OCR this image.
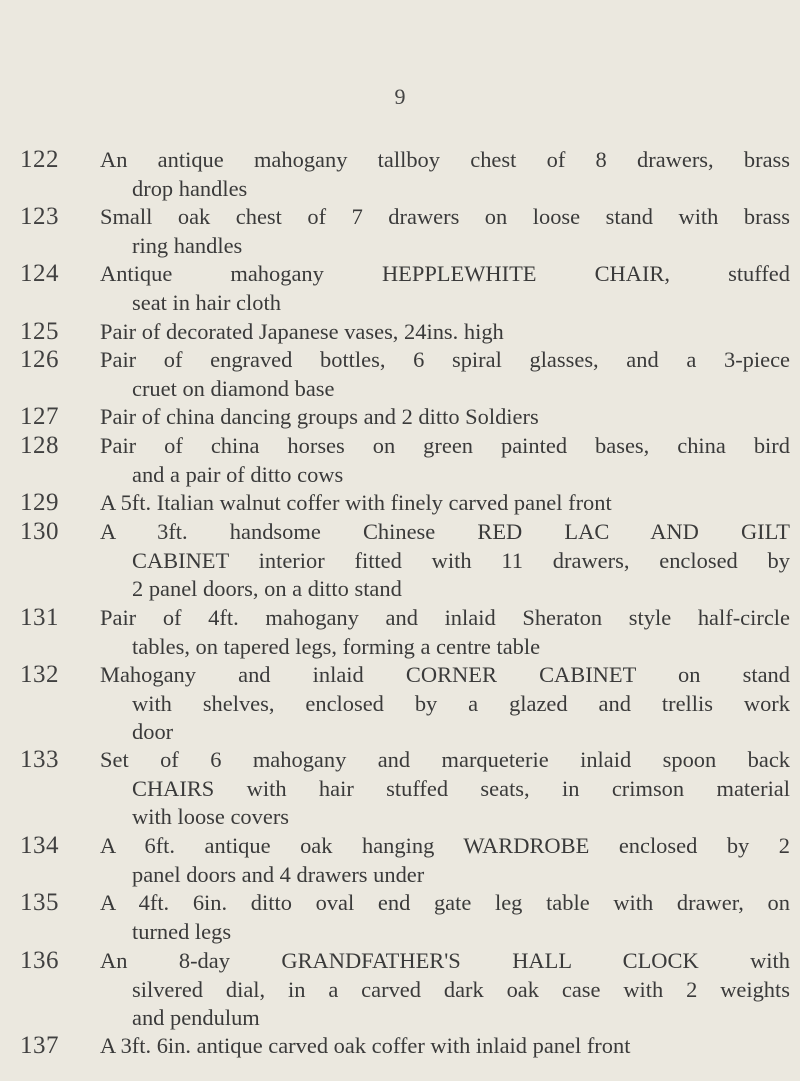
9
122	An antique mahogany tallboy chest of 8 drawers, brass
drop handles
123	Small oak chest of 7 drawers on loose stand with brass
ring handles
124	Antique mahogany HEPPLEWHITE CHAIR, stuffed
seat in hair cloth
125	Pair of decorated Japanese vases, 24ins. high
126	Pair of engraved bottles, 6 spiral glasses, and a 3-piece
cruet on diamond base
127	Pair of china dancing groups and 2 ditto Soldiers
128	Pair of china horses on green painted bases, china bird
and a pair of ditto cows
129	A 5ft. Italian walnut coffer with finely carved panel front
130	A 3ft. handsome Chinese RED LAC AND GILT
CABINET interior fitted with 11 drawers, enclosed by
2 panel doors, on a ditto stand
131	Pair of 4ft. mahogany and inlaid Sheraton style half-circle
tables, on tapered legs, forming a centre table
132	Mahogany and inlaid CORNER CABINET on stand
with shelves, enclosed by a glazed and trellis work
door
133	Set of 6 mahogany and marqueterie inlaid spoon back
CHAIRS with hair stuffed seats, in crimson material
with loose covers
134	A 6ft. antique oak hanging WARDROBE enclosed by 2
panel doors and 4 drawers under
135	A 4ft. 6in. ditto oval end gate leg table with drawer, on
turned legs
136	An 8-day GRANDFATHER'S HALL CLOCK with
silvered dial, in a carved dark oak case with 2 weights
and pendulum
137	A 3ft. 6in. antique carved oak coffer with inlaid panel front
